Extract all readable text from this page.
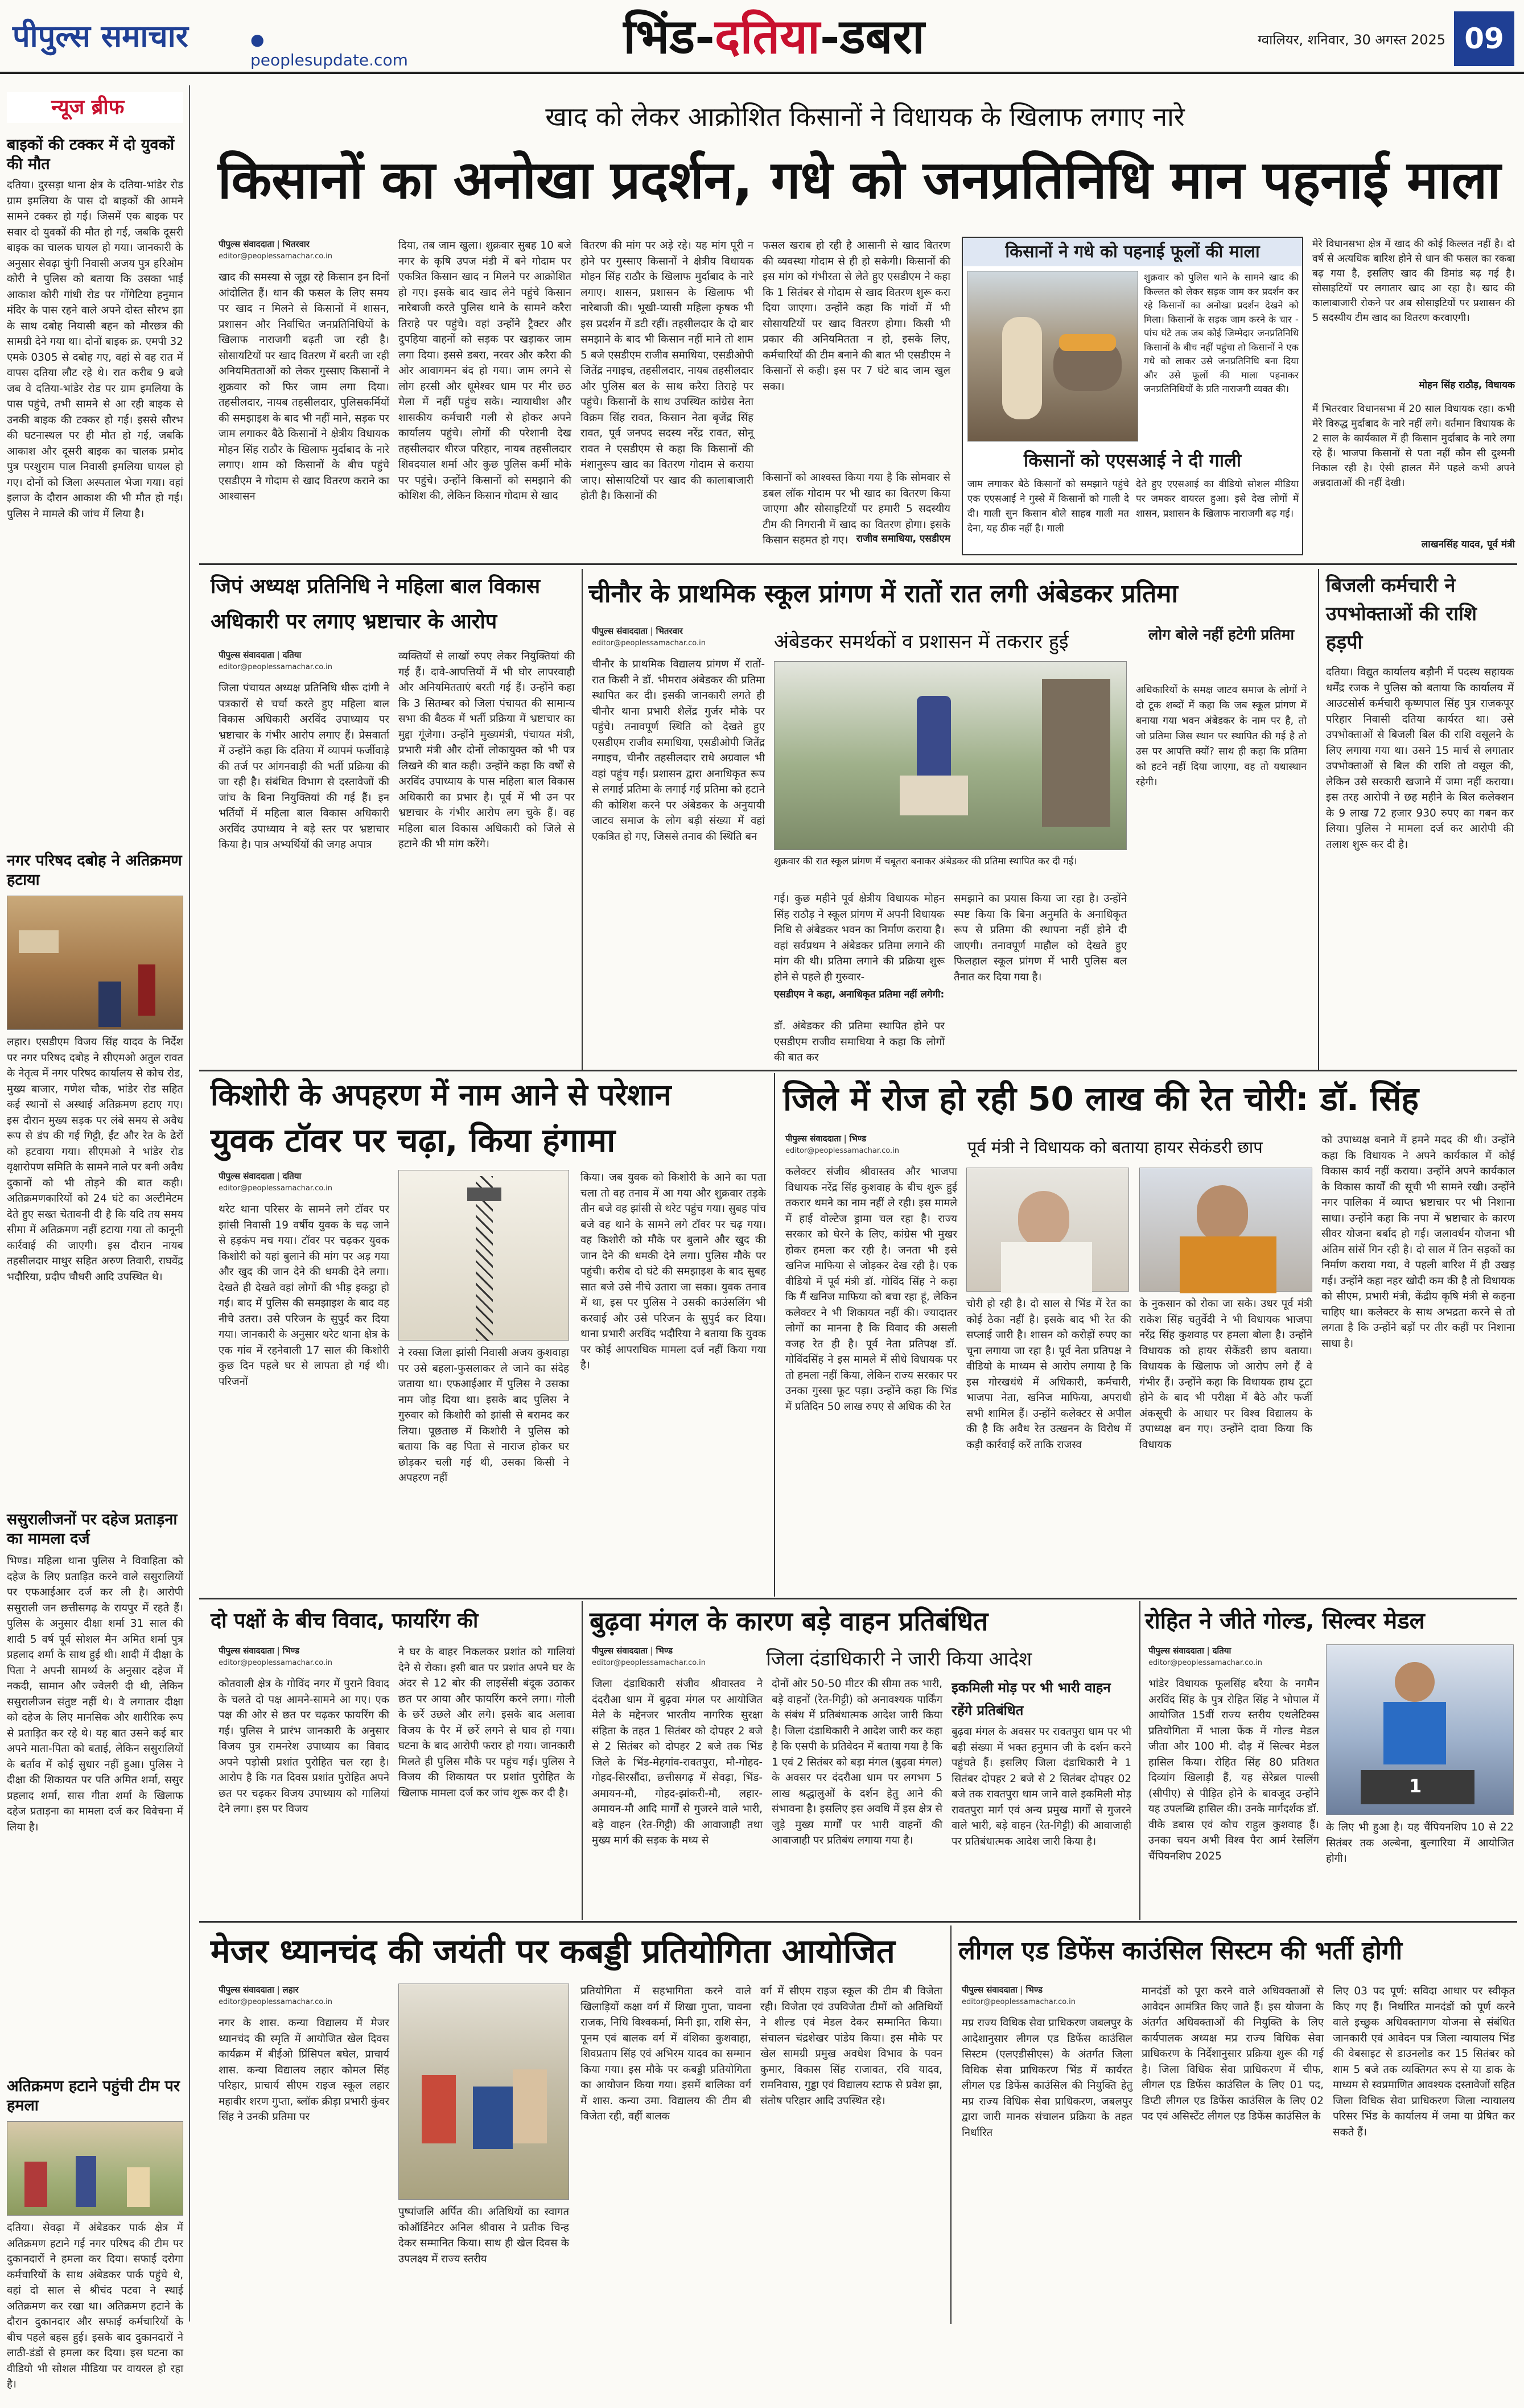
पीपुल्स समाचार	● peoplesupdate.com	भिंड-दतिया-डबरा	ग्वालियर, शनिवार, 30 अगस्त 2025 09
न्यूज ब्रीफ
बाइकों की टक्कर में दो युवकों की मौत
दतिया। दुरसड़ा थाना क्षेत्र के दतिया-भांडेर रोड ग्राम इमलिया के पास दो बाइकों की आमने सामने टक्कर हो गई। जिसमें एक बाइक पर सवार दो युवकों की मौत हो गई, जबकि दूसरी बाइक का चालक घायल हो गया। जानकारी के अनुसार सेवढ़ा चुंगी निवासी अजय पुत्र हरिओम कोरी ने पुलिस को बताया कि उसका भाई आकाश कोरी गांधी रोड पर गोंगेटिया हनुमान मंदिर के पास रहने वाले अपने दोस्त सौरभ झा के साथ दबोह नियासी बहन को मौरछत्र की सामग्री देने गया था। दोनों बाइक क्र. एमपी 32 एमके 0305 से दबोह गए, वहां से वह रात में वापस दतिया लौट रहे थे। रात करीब 9 बजे जब वे दतिया-भांडेर रोड पर ग्राम इमलिया के पास पहुंचे, तभी सामने से आ रही बाइक से उनकी बाइक की टक्कर हो गई। इससे सौरभ की घटनास्थल पर ही मौत हो गई, जबकि आकाश और दूसरी बाइक का चालक प्रमोद पुत्र परशुराम पाल निवासी इमलिया घायल हो गए। दोनों को जिला अस्पताल भेजा गया। वहां इलाज के दौरान आकाश की भी मौत हो गई। पुलिस ने मामले की जांच में लिया है।
नगर परिषद दबोह ने अतिक्रमण हटाया
लहार। एसडीएम विजय सिंह यादव के निर्देश पर नगर परिषद दबोह ने सीएमओ अतुल रावत के नेतृत्व में नगर परिषद कार्यालय से कोच रोड, मुख्य बाजार, गणेश चौक, भांडेर रोड सहित कई स्थानों से अस्थाई अतिक्रमण हटाए गए। इस दौरान मुख्य सड़क पर लंबे समय से अवैध रूप से डंप की गई गिट्टी, ईंट और रेत के ढेरों को हटवाया गया। सीएमओ ने भांडेर रोड वृक्षारोपण समिति के सामने नाले पर बनी अवैध दुकानों को भी तोड़ने की बात कही। अतिक्रमणकारियों को 24 घंटे का अल्टीमेटम देते हुए सख्त चेतावनी दी है कि यदि तय समय सीमा में अतिक्रमण नहीं हटाया गया तो कानूनी कार्रवाई की जाएगी। इस दौरान नायब तहसीलदार माथुर सहित अरुण तिवारी, राघवेंद्र भदौरिया, प्रदीप चौधरी आदि उपस्थित थे।
ससुरालीजनों पर दहेज प्रताड़ना का मामला दर्ज
भिण्ड। महिला थाना पुलिस ने विवाहिता को दहेज के लिए प्रताड़ित करने वाले ससुरालियों पर एफआईआर दर्ज कर ली है। आरोपी ससुराली जन छत्तीसगढ़ के रायपुर में रहते हैं। पुलिस के अनुसार दीक्षा शर्मा 31 साल की शादी 5 वर्ष पूर्व सोशल मैन अमित शर्मा पुत्र प्रहलाद शर्मा के साथ हुई थी। शादी में दीक्षा के पिता ने अपनी सामर्थ्य के अनुसार दहेज में नकदी, सामान और ज्वेलरी दी थी, लेकिन ससुरालीजन संतुष्ट नहीं थे। वे लगातार दीक्षा को दहेज के लिए मानसिक और शारीरिक रूप से प्रताड़ित कर रहे थे। यह बात उसने कई बार अपने माता-पिता को बताई, लेकिन ससुरालियों के बर्ताव में कोई सुधार नहीं हुआ। पुलिस ने दीक्षा की शिकायत पर पति अमित शर्मा, ससुर प्रहलाद शर्मा, सास गीता शर्मा के खिलाफ दहेज प्रताड़ना का मामला दर्ज कर विवेचना में लिया है।
अतिक्रमण हटाने पहुंची टीम पर हमला
दतिया। सेवढ़ा में अंबेडकर पार्क क्षेत्र में अतिक्रमण हटाने गई नगर परिषद की टीम पर दुकानदारों ने हमला कर दिया। सफाई दरोगा कर्मचारियों के साथ अंबेडकर पार्क पहुंचे थे, वहां दो साल से श्रीचंद पटवा ने स्थाई अतिक्रमण कर रखा था। अतिक्रमण हटाने के दौरान दुकानदार और सफाई कर्मचारियों के बीच पहले बहस हुई। इसके बाद दुकानदारों ने लाठी-डंडों से हमला कर दिया। इस घटना का वीडियो भी सोशल मीडिया पर वायरल हो रहा है।
खाद को लेकर आक्रोशित किसानों ने विधायक के खिलाफ लगाए नारे
किसानों का अनोखा प्रदर्शन, गधे को जनप्रतिनिधि मान पहनाई माला
पीपुल्स संवाददाता | भितरवार
editor@peoplessamachar.co.in
खाद की समस्या से जूझ रहे किसान इन दिनों आंदोलित हैं। धान की फसल के लिए समय पर खाद न मिलने से किसानों में शासन, प्रशासन और निर्वाचित जनप्रतिनिधियों के खिलाफ नाराजगी बढ़ती जा रही है। सोसायटियों पर खाद वितरण में बरती जा रही अनियमितताओं को लेकर गुस्साए किसानों ने शुक्रवार को फिर जाम लगा दिया। तहसीलदार, नायब तहसीलदार, पुलिसकर्मियों की समझाइश के बाद भी नहीं माने, सड़क पर जाम लगाकर बैठे किसानों ने क्षेत्रीय विधायक मोहन सिंह राठौर के खिलाफ मुर्दाबाद के नारे लगाए। शाम को किसानों के बीच पहुंचे एसडीएम ने गोदाम से खाद वितरण कराने का आश्वासन
दिया, तब जाम खुला। शुक्रवार सुबह 10 बजे नगर के कृषि उपज मंडी में बने गोदाम पर एकत्रित किसान खाद न मिलने पर आक्रोशित हो गए। इसके बाद खाद लेने पहुंचे किसान नारेबाजी करते पुलिस थाने के सामने करैरा तिराहे पर पहुंचे। वहां उन्होंने ट्रैक्टर और दुपहिया वाहनों को सड़क पर खड़ाकर जाम लगा दिया। इससे डबरा, नरवर और करैरा की ओर आवागमन बंद हो गया। जाम लगने से लोग हरसी और धूमेश्वर धाम पर मीर छठ मेला में नहीं पहुंच सके। न्यायाधीश और शासकीय कर्मचारी गली से होकर अपने कार्यालय पहुंचे। लोगों की परेशानी देख तहसीलदार धीरज परिहार, नायब तहसीलदार शिवदयाल शर्मा और कुछ पुलिस कर्मी मौके पर पहुंचे। उन्होंने किसानों को समझाने की कोशिश की, लेकिन किसान गोदाम से खाद
वितरण की मांग पर अड़े रहे। यह मांग पूरी न होने पर गुस्साए किसानों ने क्षेत्रीय विधायक मोहन सिंह राठौर के खिलाफ मुर्दाबाद के नारे लगाए। शासन, प्रशासन के खिलाफ भी नारेबाजी की। भूखी-प्यासी महिला कृषक भी इस प्रदर्शन में डटी रहीं। तहसीलदार के दो बार समझाने के बाद भी किसान नहीं माने तो शाम 5 बजे एसडीएम राजीव समाधिया, एसडीओपी जितेंद्र नगाइच, तहसीलदार, नायब तहसीलदार और पुलिस बल के साथ करैरा तिराहे पर पहुंचे। किसानों के साथ उपस्थित कांग्रेस नेता विक्रम सिंह रावत, किसान नेता बृजेंद्र सिंह रावत, पूर्व जनपद सदस्य नरेंद्र रावत, सोनू रावत ने एसडीएम से कहा कि किसानों की मंशानुरूप खाद का वितरण गोदाम से कराया जाए। सोसायटियों पर खाद की कालाबाजारी होती है। किसानों की
फसल खराब हो रही है आसानी से खाद वितरण की व्यवस्था गोदाम से ही हो सकेगी। किसानों की इस मांग को गंभीरता से लेते हुए एसडीएम ने कहा कि 1 सितंबर से गोदाम से खाद वितरण शुरू करा दिया जाएगा। उन्होंने कहा कि गांवों में भी सोसायटियों पर खाद वितरण होगा। किसी भी प्रकार की अनियमितता न हो, इसके लिए, कर्मचारियों की टीम बनाने की बात भी एसडीएम ने किसानों से कही। इस पर 7 घंटे बाद जाम खुल सका।
किसानों को आश्वस्त किया गया है कि सोमवार से डबल लॉक गोदाम पर भी खाद का वितरण किया जाएगा और सोसाइटियों पर हमारी 5 सदस्यीय टीम की निगरानी में खाद का वितरण होगा। इसके किसान सहमत हो गए। राजीव समाधिया, एसडीएम
किसानों ने गधे को पहनाई फूलों की माला
शुक्रवार को पुलिस थाने के सामने खाद की किल्लत को लेकर सड़क जाम कर प्रदर्शन कर रहे किसानों का अनोखा प्रदर्शन देखने को मिला। किसानों के सड़क जाम करने के चार - पांच घंटे तक जब कोई जिम्मेदार जनप्रतिनिधि किसानों के बीच नहीं पहुंचा तो किसानों ने एक गधे को लाकर उसे जनप्रतिनिधि बना दिया और उसे फूलों की माला पहनाकर जनप्रतिनिधियों के प्रति नाराजगी व्यक्त की।
किसानों को एएसआई ने दी गाली
जाम लगाकर बैठे किसानों को समझाने पहुंचे एक एएसआई ने गुस्से में किसानों को गाली दे दी। गाली सुन किसान बोले साहब गाली मत देना, यह ठीक नहीं है। गाली
देते हुए एएसआई का वीडियो सोशल मीडिया पर जमकर वायरल हुआ। इसे देख लोगों में शासन, प्रशासन के खिलाफ नाराजगी बढ़ गई।
मेरे विधानसभा क्षेत्र में खाद की कोई किल्लत नहीं है। दो वर्ष से अत्यधिक बारिश होने से धान की फसल का रकबा बढ़ गया है, इसलिए खाद की डिमांड बढ़ गई है। सोसाइटियों पर लगातार खाद आ रहा है। खाद की कालाबाजारी रोकने पर अब सोसाइटियों पर प्रशासन की 5 सदस्यीय टीम खाद का वितरण करवाएगी।
मोहन सिंह राठौड़, विधायक
मैं भितरवार विधानसभा में 20 साल विधायक रहा। कभी मेरे विरुद्ध मुर्दाबाद के नारे नहीं लगे। वर्तमान विधायक के 2 साल के कार्यकाल में ही किसान मुर्दाबाद के नारे लगा रहे हैं। भाजपा किसानों से पता नहीं कौन सी दुश्मनी निकाल रही है। ऐसी हालत मैंने पहले कभी अपने अन्नदाताओं की नहीं देखी।
लाखनसिंह यादव, पूर्व मंत्री
जिपं अध्यक्ष प्रतिनिधि ने महिला बाल विकास
अधिकारी पर लगाए भ्रष्टाचार के आरोप
पीपुल्स संवाददाता | दतिया
editor@peoplessamachar.co.in
जिला पंचायत अध्यक्ष प्रतिनिधि धीरू दांगी ने पत्रकारों से चर्चा करते हुए महिला बाल विकास अधिकारी अरविंद उपाध्याय पर भ्रष्टाचार के गंभीर आरोप लगाए हैं। प्रेसवार्ता में उन्होंने कहा कि दतिया में व्यापमं फर्जीवाड़े की तर्ज पर आंगनवाड़ी की भर्ती प्रक्रिया की जा रही है। संबंधित विभाग से दस्तावेजों की जांच के बिना नियुक्तियां की गई हैं। इन भर्तियों में महिला बाल विकास अधिकारी अरविंद उपाध्याय ने बड़े स्तर पर भ्रष्टाचार किया है। पात्र अभ्यर्थियों की जगह अपात्र
व्यक्तियों से लाखों रुपए लेकर नियुक्तियां की गई हैं। दावे-आपत्तियों में भी घोर लापरवाही और अनियमितताएं बरती गई हैं। उन्होंने कहा कि 3 सितम्बर को जिला पंचायत की सामान्य सभा की बैठक में भर्ती प्रक्रिया में भ्रष्टाचार का मुद्दा गूंजेगा। उन्होंने मुख्यमंत्री, पंचायत मंत्री, प्रभारी मंत्री और दोनों लोकायुक्त को भी पत्र लिखने की बात कही। उन्होंने कहा कि वर्षों से अरविंद उपाध्याय के पास महिला बाल विकास अधिकारी का प्रभार है। पूर्व में भी उन पर भ्रष्टाचार के गंभीर आरोप लग चुके हैं। वह महिला बाल विकास अधिकारी को जिले से हटाने की भी मांग करेंगे।
चीनौर के प्राथमिक स्कूल प्रांगण में रातों रात लगी अंबेडकर प्रतिमा
पीपुल्स संवाददाता | भितरवार
editor@peoplessamachar.co.in
चीनौर के प्राथमिक विद्यालय प्रांगण में रातों-रात किसी ने डॉ. भीमराव अंबेडकर की प्रतिमा स्थापित कर दी। इसकी जानकारी लगते ही चीनौर थाना प्रभारी शैलेंद्र गुर्जर मौके पर पहुंचे। तनावपूर्ण स्थिति को देखते हुए एसडीएम राजीव समाधिया, एसडीओपी जितेंद्र नगाइच, चीनौर तहसीलदार राधे अग्रवाल भी वहां पहुंच गईं। प्रशासन द्वारा अनाधिकृत रूप से लगाई प्रतिमा के लगाई गई प्रतिमा को हटाने की कोशिश करने पर अंबेडकर के अनुयायी जाटव समाज के लोग बड़ी संख्या में वहां एकत्रित हो गए, जिससे तनाव की स्थिति बन
अंबेडकर समर्थकों व प्रशासन में तकरार हुई
शुक्रवार की रात स्कूल प्रांगण में चबूतरा बनाकर अंबेडकर की प्रतिमा स्थापित कर दी गई।
गई। कुछ महीने पूर्व क्षेत्रीय विधायक मोहन सिंह राठौड़ ने स्कूल प्रांगण में अपनी विधायक निधि से अंबेडकर भवन का निर्माण कराया है। वहां सर्वप्रथम ने अंबेडकर प्रतिमा लगाने की मांग की थी। प्रतिमा लगाने की प्रक्रिया शुरू होने से पहले ही गुरुवार-
एसडीएम ने कहा, अनाधिकृत प्रतिमा नहीं लगेगी:
डॉ. अंबेडकर की प्रतिमा स्थापित होने पर एसडीएम राजीव समाधिया ने कहा कि लोगों की बात कर
समझाने का प्रयास किया जा रहा है। उन्होंने स्पष्ट किया कि बिना अनुमति के अनाधिकृत रूप से प्रतिमा की स्थापना नहीं होने दी जाएगी। तनावपूर्ण माहौल को देखते हुए फिलहाल स्कूल प्रांगण में भारी पुलिस बल तैनात कर दिया गया है।
लोग बोले नहीं हटेगी प्रतिमा
अधिकारियों के समक्ष जाटव समाज के लोगों ने दो टूक शब्दों में कहा कि जब स्कूल प्रांगण में बनाया गया भवन अंबेडकर के नाम पर है, तो जो प्रतिमा जिस स्थान पर स्थापित की गई है तो उस पर आपत्ति क्यों? साथ ही कहा कि प्रतिमा को हटने नहीं दिया जाएगा, वह तो यथास्थान रहेगी।
बिजली कर्मचारी ने उपभोक्ताओं की राशि हड़पी
दतिया। विद्युत कार्यालय बड़ौनी में पदस्थ सहायक धर्मेंद्र रजक ने पुलिस को बताया कि कार्यालय में आउटसोर्स कर्मचारी कृष्णपाल सिंह पुत्र राजकपूर परिहार निवासी दतिया कार्यरत था। उसे उपभोक्ताओं से बिजली बिल की राशि वसूलने के लिए लगाया गया था। उसने 15 मार्च से लगातार उपभोक्ताओं से बिल की राशि तो वसूल की, लेकिन उसे सरकारी खजाने में जमा नहीं कराया। इस तरह आरोपी ने छह महीने के बिल कलेक्शन के 9 लाख 72 हजार 930 रुपए का गबन कर लिया। पुलिस ने मामला दर्ज कर आरोपी की तलाश शुरू कर दी है।
किशोरी के अपहरण में नाम आने से परेशान
युवक टॉवर पर चढ़ा, किया हंगामा
पीपुल्स संवाददाता | दतिया
editor@peoplessamachar.co.in
थरेट थाना परिसर के सामने लगे टॉवर पर झांसी निवासी 19 वर्षीय युवक के चढ़ जाने से हड़कंप मच गया। टॉवर पर चढ़कर युवक किशोरी को यहां बुलाने की मांग पर अड़ गया और खुद की जान देने की धमकी देने लगा। देखते ही देखते वहां लोगों की भीड़ इकट्ठा हो गई। बाद में पुलिस की समझाइश के बाद वह नीचे उतरा। उसे परिजन के सुपुर्द कर दिया गया। जानकारी के अनुसार थरेट थाना क्षेत्र के एक गांव में रहनेवाली 17 साल की किशोरी कुछ दिन पहले घर से लापता हो गई थी। परिजनों
ने रक्सा जिला झांसी निवासी अजय कुशवाहा पर उसे बहला-फुसलाकर ले जाने का संदेह जताया था। एफआईआर में पुलिस ने उसका नाम जोड़ दिया था। इसके बाद पुलिस ने गुरुवार को किशोरी को झांसी से बरामद कर लिया। पूछताछ में किशोरी ने पुलिस को बताया कि वह पिता से नाराज होकर घर छोड़कर चली गई थी, उसका किसी ने अपहरण नहीं
किया। जब युवक को किशोरी के आने का पता चला तो वह तनाव में आ गया और शुक्रवार तड़के तीन बजे वह झांसी से थरेट पहुंच गया। सुबह पांच बजे वह थाने के सामने लगे टॉवर पर चढ़ गया। वह किशोरी को मौके पर बुलाने और खुद की जान देने की धमकी देने लगा। पुलिस मौके पर पहुंची। करीब दो घंटे की समझाइश के बाद सुबह सात बजे उसे नीचे उतारा जा सका। युवक तनाव में था, इस पर पुलिस ने उसकी काउंसलिंग भी करवाई और उसे परिजन के सुपुर्द कर दिया। थाना प्रभारी अरविंद भदौरिया ने बताया कि युवक पर कोई आपराधिक मामला दर्ज नहीं किया गया है।
जिले में रोज हो रही 50 लाख की रेत चोरी: डॉ. सिंह
पीपुल्स संवाददाता | भिण्ड
editor@peoplessamachar.co.in	पूर्व मंत्री ने विधायक को बताया हायर सेकंडरी छाप
कलेक्टर संजीव श्रीवास्तव और भाजपा विधायक नरेंद्र सिंह कुशवाह के बीच शुरू हुई तकरार थमने का नाम नहीं ले रही। इस मामले में हाई वोल्टेज ड्रामा चल रहा है। राज्य सरकार को घेरने के लिए, कांग्रेस भी मुखर होकर हमला कर रही है। जनता भी इसे खनिज माफिया से जोड़कर देख रही है। एक वीडियो में पूर्व मंत्री डॉ. गोविंद सिंह ने कहा कि मैं खनिज माफिया को बचा रहा हूं, लेकिन कलेक्टर ने भी शिकायत नहीं की। ज्यादातर लोगों का मानना है कि विवाद की असली वजह रेत ही है। पूर्व नेता प्रतिपक्ष डॉ. गोविंदसिंह ने इस मामले में सीधे विधायक पर तो हमला नहीं किया, लेकिन राज्य सरकार पर उनका गुस्सा फूट पड़ा। उन्होंने कहा कि भिंड में प्रतिदिन 50 लाख रुपए से अधिक की रेत
चोरी हो रही है। दो साल से भिंड में रेत का कोई ठेका नहीं है। इसके बाद भी रेत की सप्लाई जारी है। शासन को करोड़ों रुपए का चूना लगाया जा रहा है। पूर्व नेता प्रतिपक्ष ने वीडियो के माध्यम से आरोप लगाया है कि इस गोरखधंधे में अधिकारी, कर्मचारी, भाजपा नेता, खनिज माफिया, अपराधी सभी शामिल हैं। उन्होंने कलेक्टर से अपील की है कि अवैध रेत उत्खनन के विरोध में कड़ी कार्रवाई करें ताकि राजस्व
के नुकसान को रोका जा सके। उधर पूर्व मंत्री राकेश सिंह चतुर्वेदी ने भी विधायक भाजपा नरेंद्र सिंह कुशवाह पर हमला बोला है। उन्होंने विधायक को हायर सेकेंडरी छाप बताया। विधायक के खिलाफ जो आरोप लगे हैं वे गंभीर हैं। उन्होंने कहा कि विधायक हाथ टूटा होने के बाद भी परीक्षा में बैठे और फर्जी अंकसूची के आधार पर विश्व विद्यालय के उपाध्यक्ष बन गए। उन्होंने दावा किया कि विधायक
को उपाध्यक्ष बनाने में हमने मदद की थी। उन्होंने कहा कि विधायक ने अपने कार्यकाल में कोई विकास कार्य नहीं कराया। उन्होंने अपने कार्यकाल के विकास कार्यों की सूची भी सामने रखी। उन्होंने नगर पालिका में व्याप्त भ्रष्टाचार पर भी निशाना साधा। उन्होंने कहा कि नपा में भ्रष्टाचार के कारण सीवर योजना बर्बाद हो गई। जलावर्धन योजना भी अंतिम सांसें गिन रही है। दो साल में तिन सड़कों का निर्माण कराया गया, वे पहली बारिश में ही उखड़ गई। उन्होंने कहा नहर खोदी कम की है तो विधायक को सीएम, प्रभारी मंत्री, केंद्रीय कृषि मंत्री से कहना चाहिए था। कलेक्टर के साथ अभद्रता करने से तो लगता है कि उन्होंने बड़ों पर तीर कहीं पर निशाना साधा है।
दो पक्षों के बीच विवाद, फायरिंग की
पीपुल्स संवाददाता | भिण्ड
editor@peoplessamachar.co.in
कोतवाली क्षेत्र के गोविंद नगर में पुराने विवाद के चलते दो पक्ष आमने-सामने आ गए। एक पक्ष की ओर से छत पर चढ़कर फायरिंग की गई। पुलिस ने प्रारंभ जानकारी के अनुसार विजय पुत्र रामनरेश उपाध्याय का विवाद अपने पड़ोसी प्रशांत पुरोहित चल रहा है। आरोप है कि गत दिवस प्रशांत पुरोहित अपने छत पर चढ़कर विजय उपाध्याय को गालियां देने लगा। इस पर विजय
ने घर के बाहर निकलकर प्रशांत को गालियां देने से रोका। इसी बात पर प्रशांत अपने घर के अंदर से 12 बोर की लाइसेंसी बंदूक उठाकर छत पर आया और फायरिंग करने लगा। गोली के छर्रे उछले और लगे। इसके बाद अलावा विजय के पैर में छर्रे लगने से घाव हो गया। घटना के बाद आरोपी फरार हो गया। जानकारी मिलते ही पुलिस मौके पर पहुंच गई। पुलिस ने विजय की शिकायत पर प्रशांत पुरोहित के खिलाफ मामला दर्ज कर जांच शुरू कर दी है।
बुढ़वा मंगल के कारण बड़े वाहन प्रतिबंधित
पीपुल्स संवाददाता | भिण्ड
editor@peoplessamachar.co.in	जिला दंडाधिकारी ने जारी किया आदेश
जिला दंडाधिकारी संजीव श्रीवास्तव ने दंदरौआ धाम में बुढ़वा मंगल पर आयोजित मेले के मद्देनजर भारतीय नागरिक सुरक्षा संहिता के तहत 1 सितंबर को दोपहर 2 बजे से 2 सितंबर को दोपहर 2 बजे तक भिंड जिले के भिंड-मेहगांव-रावतपुरा, मौ-गोहद-गोहद-सिरसौंदा, छत्तीसगढ़ में सेवढ़ा, भिंड-अमायन-मौ, गोहद-झांकरी-मौ, लहार-अमायन-मौ आदि मार्गों से गुजरने वाले भारी, बड़े वाहन (रेत-गिट्टी) की आवाजाही तथा मुख्य मार्ग की सड़क के मध्य से
दोनों ओर 50-50 मीटर की सीमा तक भारी, बड़े वाहनों (रेत-गिट्टी) को अनावश्यक पार्किंग के संबंध में प्रतिबंधात्मक आदेश जारी किया है। जिला दंडाधिकारी ने आदेश जारी कर कहा है कि एसपी के प्रतिवेदन में बताया गया है कि 1 एवं 2 सितंबर को बड़ा मंगल (बुढ़वा मंगल) के अवसर पर दंदरौआ धाम पर लगभग 5 लाख श्रद्धालुओं के दर्शन हेतु आने की संभावना है। इसलिए इस अवधि में इस क्षेत्र से जुड़े मुख्य मार्गों पर भारी वाहनों की आवाजाही पर प्रतिबंध लगाया गया है।
इकमिली मोड़ पर भी भारी वाहन रहेंगे प्रतिबंधित
बुढ़वा मंगल के अवसर पर रावतपुरा धाम पर भी बड़ी संख्या में भक्त हनुमान जी के दर्शन करने पहुंचते हैं। इसलिए जिला दंडाधिकारी ने 1 सितंबर दोपहर 2 बजे से 2 सितंबर दोपहर 02 बजे तक रावतपुरा धाम जाने वाले इकमिली मोड़ रावतपुरा मार्ग एवं अन्य प्रमुख मार्गों से गुजरने वाले भारी, बड़े वाहन (रेत-गिट्टी) की आवाजाही पर प्रतिबंधात्मक आदेश जारी किया है।
रोहित ने जीते गोल्ड, सिल्वर मेडल
पीपुल्स संवाददाता | दतिया
editor@peoplessamachar.co.in
भांडेर विधायक फूलसिंह बरैया के नगमैन अरविंद सिंह के पुत्र रोहित सिंह ने भोपाल में आयोजित 15वीं राज्य स्तरीय एथलेटिक्स प्रतियोगिता में भाला फेंक में गोल्ड मेडल जीता और 100 मी. दौड़ में सिल्वर मेडल हासिल किया। रोहित सिंह 80 प्रतिशत दिव्यांग खिलाड़ी हैं, यह सेरेब्रल पाल्सी (सीपीए) से पीड़ित होने के बावजूद उन्होंने यह उपलब्धि हासिल की। उनके मार्गदर्शक डॉ. वीके डबास एवं कोच राहुल कुशवाह हैं। उनका चयन अभी विश्व पैरा आर्म रेसलिंग चैंपियनशिप 2025
1
के लिए भी हुआ है। यह चैंपियनशिप 10 से 22 सितंबर तक अल्बेना, बुल्गारिया में आयोजित होगी।
मेजर ध्यानचंद की जयंती पर कबड्डी प्रतियोगिता आयोजित
पीपुल्स संवाददाता | लहार
editor@peoplessamachar.co.in
नगर के शास. कन्या विद्यालय में मेजर ध्यानचंद की स्मृति में आयोजित खेल दिवस कार्यक्रम में बीईओ प्रिंसिपल बघेल, प्राचार्य शास. कन्या विद्यालय लहार कोमल सिंह परिहार, प्राचार्य सीएम राइज स्कूल लहार महावीर शरण गुप्ता, ब्लॉक क्रीड़ा प्रभारी कुंवर सिंह ने उनकी प्रतिमा पर
पुष्पांजलि अर्पित की। अतिथियों का स्वागत कोऑर्डिनेटर अनिल श्रीवास ने प्रतीक चिन्ह देकर सम्मानित किया। साथ ही खेल दिवस के उपलक्ष्य में राज्य स्तरीय
प्रतियोगिता में सहभागिता करने वाले खिलाड़ियों कक्षा वर्ग में शिखा गुप्ता, चावना राजक, निधि विश्वकर्मा, मिनी झा, राशि सेन, पूनम एवं बालक वर्ग में वंशिका कुशवाहा, शिवप्रताप सिंह एवं अभिरम यादव का सम्मान किया गया। इस मौके पर कबड्डी प्रतियोगिता का आयोजन किया गया। इसमें बालिका वर्ग में शास. कन्या उमा. विद्यालय की टीम बी विजेता रही, वहीं बालक
वर्ग में सीएम राइज स्कूल की टीम बी विजेता रही। विजेता एवं उपविजेता टीमों को अतिथियों ने शील्ड एवं मेडल देकर सम्मानित किया। संचालन चंद्रशेखर पांडेय किया। इस मौके पर खेल सामग्री प्रमुख अवधेश विभाव के पवन कुमार, विकास सिंह राजावत, रवि यादव, रामनिवास, गुड्डा एवं विद्यालय स्टाफ से प्रवेश झा, संतोष परिहार आदि उपस्थित रहे।
लीगल एड डिफेंस काउंसिल सिस्टम की भर्ती होगी
पीपुल्स संवाददाता | भिण्ड
editor@peoplessamachar.co.in
मप्र राज्य विधिक सेवा प्राधिकरण जबलपुर के आदेशानुसार लीगल एड डिफेंस काउंसिल सिस्टम (एलएडीसीएस) के अंतर्गत जिला विधिक सेवा प्राधिकरण भिंड में कार्यरत लीगल एड डिफेंस काउंसिल की नियुक्ति हेतु मप्र राज्य विधिक सेवा प्राधिकरण, जबलपुर द्वारा जारी मानक संचालन प्रक्रिया के तहत निर्धारित
मानदंडों को पूरा करने वाले अधिवक्ताओं से आवेदन आमंत्रित किए जाते हैं। इस योजना के अंतर्गत अधिवक्ताओं की नियुक्ति के लिए कार्यपालक अध्यक्ष मप्र राज्य विधिक सेवा प्राधिकरण के निर्देशानुसार प्रक्रिया शुरू की गई है। जिला विधिक सेवा प्राधिकरण में चीफ, लीगल एड डिफेंस काउंसिल के लिए 01 पद, डिप्टी लीगल एड डिफेंस काउंसिल के लिए 02 पद एवं असिस्टेंट लीगल एड डिफेंस काउंसिल के
लिए 03 पद पूर्ण: सविदा आधार पर स्वीकृत किए गए हैं। निर्धारित मानदंडों को पूर्ण करने वाले इच्छुक अधिवक्तागण योजना से संबंधित जानकारी एवं आवेदन पत्र जिला न्यायालय भिंड की वेबसाइट से डाउनलोड कर 15 सितंबर को शाम 5 बजे तक व्यक्तिगत रूप से या डाक के माध्यम से स्वप्रमाणित आवश्यक दस्तावेजों सहित जिला विधिक सेवा प्राधिकरण जिला न्यायालय परिसर भिंड के कार्यालय में जमा या प्रेषित कर सकते हैं।
